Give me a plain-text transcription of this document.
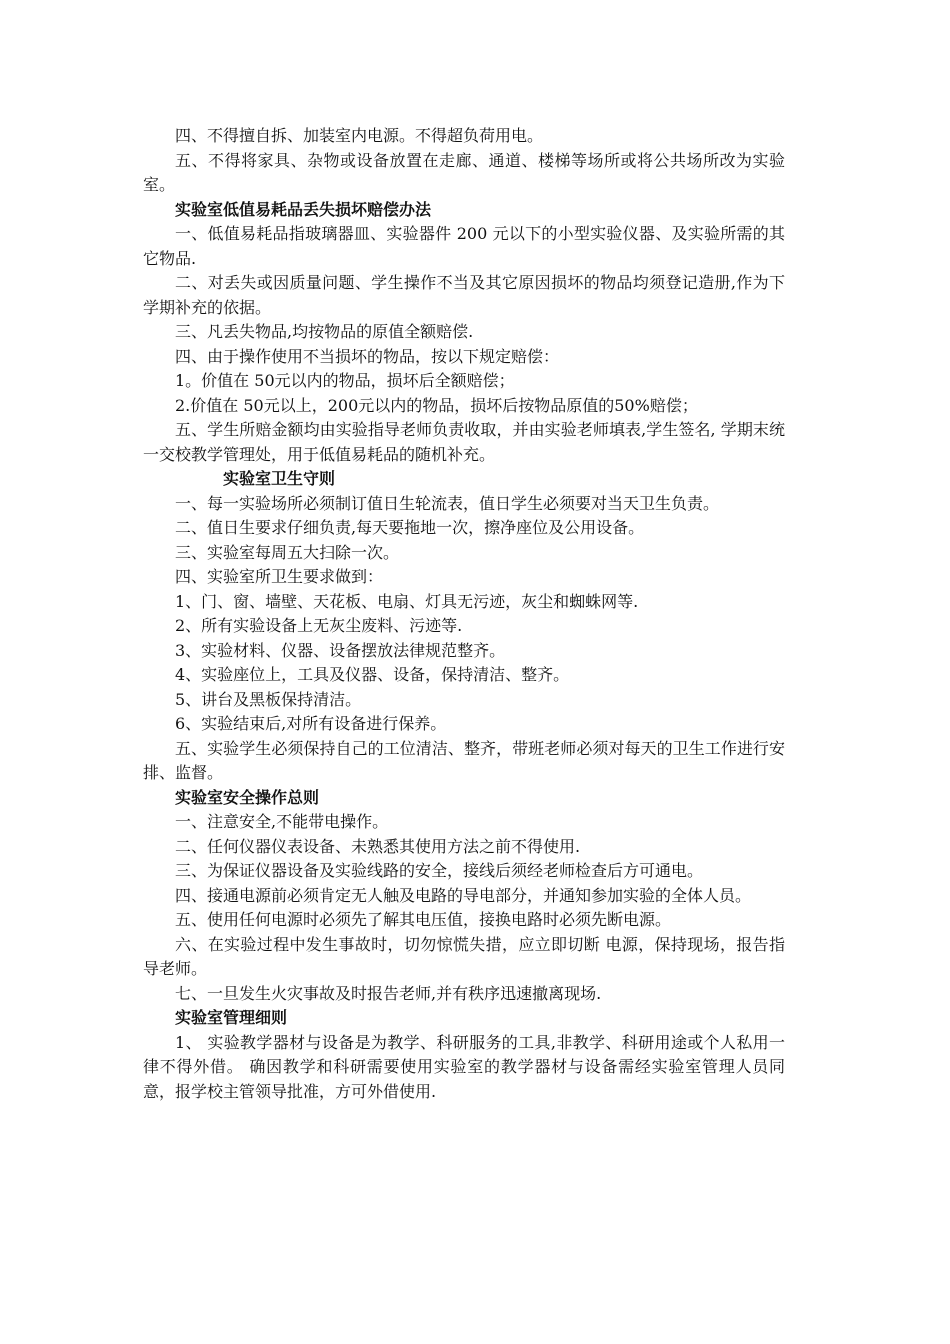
四、不得擅自拆、加装室内电源。不得超负荷用电。

五、不得将家具、杂物或设备放置在走廊、通道、楼梯等场所或将公共场所改为实验室。

实验室低值易耗品丢失损坏赔偿办法

一、低值易耗品指玻璃器皿、实验器件 200 元以下的小型实验仪器、及实验所需的其它物品.

二、对丢失或因质量问题、学生操作不当及其它原因损坏的物品均须登记造册,作为下学期补充的依据。

三、凡丢失物品,均按物品的原值全额赔偿.

四、由于操作使用不当损坏的物品，按以下规定赔偿：

1。价值在 50元以内的物品，损坏后全额赔偿；

2.价值在 50元以上，200元以内的物品，损坏后按物品原值的50%赔偿；

五、学生所赔金额均由实验指导老师负责收取，并由实验老师填表,学生签名, 学期末统一交校教学管理处，用于低值易耗品的随机补充。

实验室卫生守则

一、每一实验场所必须制订值日生轮流表，值日学生必须要对当天卫生负责。

二、值日生要求仔细负责,每天要拖地一次，擦净座位及公用设备。

三、实验室每周五大扫除一次。

四、实验室所卫生要求做到：

1、门、窗、墙壁、天花板、电扇、灯具无污迹，灰尘和蜘蛛网等.

2、所有实验设备上无灰尘废料、污迹等.

3、实验材料、仪器、设备摆放法律规范整齐。

4、实验座位上，工具及仪器、设备，保持清洁、整齐。

5、讲台及黑板保持清洁。

6、实验结束后,对所有设备进行保养。

五、实验学生必须保持自己的工位清洁、整齐，带班老师必须对每天的卫生工作进行安排、监督。

实验室安全操作总则

一、注意安全,不能带电操作。

二、任何仪器仪表设备、未熟悉其使用方法之前不得使用.

三、为保证仪器设备及实验线路的安全，接线后须经老师检查后方可通电。

四、接通电源前必须肯定无人触及电路的导电部分，并通知参加实验的全体人员。

五、使用任何电源时必须先了解其电压值，接换电路时必须先断电源。

六、在实验过程中发生事故时，切勿惊慌失措，应立即切断 电源，保持现场，报告指导老师。

七、一旦发生火灾事故及时报告老师,并有秩序迅速撤离现场.

实验室管理细则

1、 实验教学器材与设备是为教学、科研服务的工具,非教学、科研用途或个人私用一律不得外借。 确因教学和科研需要使用实验室的教学器材与设备需经实验室管理人员同意，报学校主管领导批准，方可外借使用.
